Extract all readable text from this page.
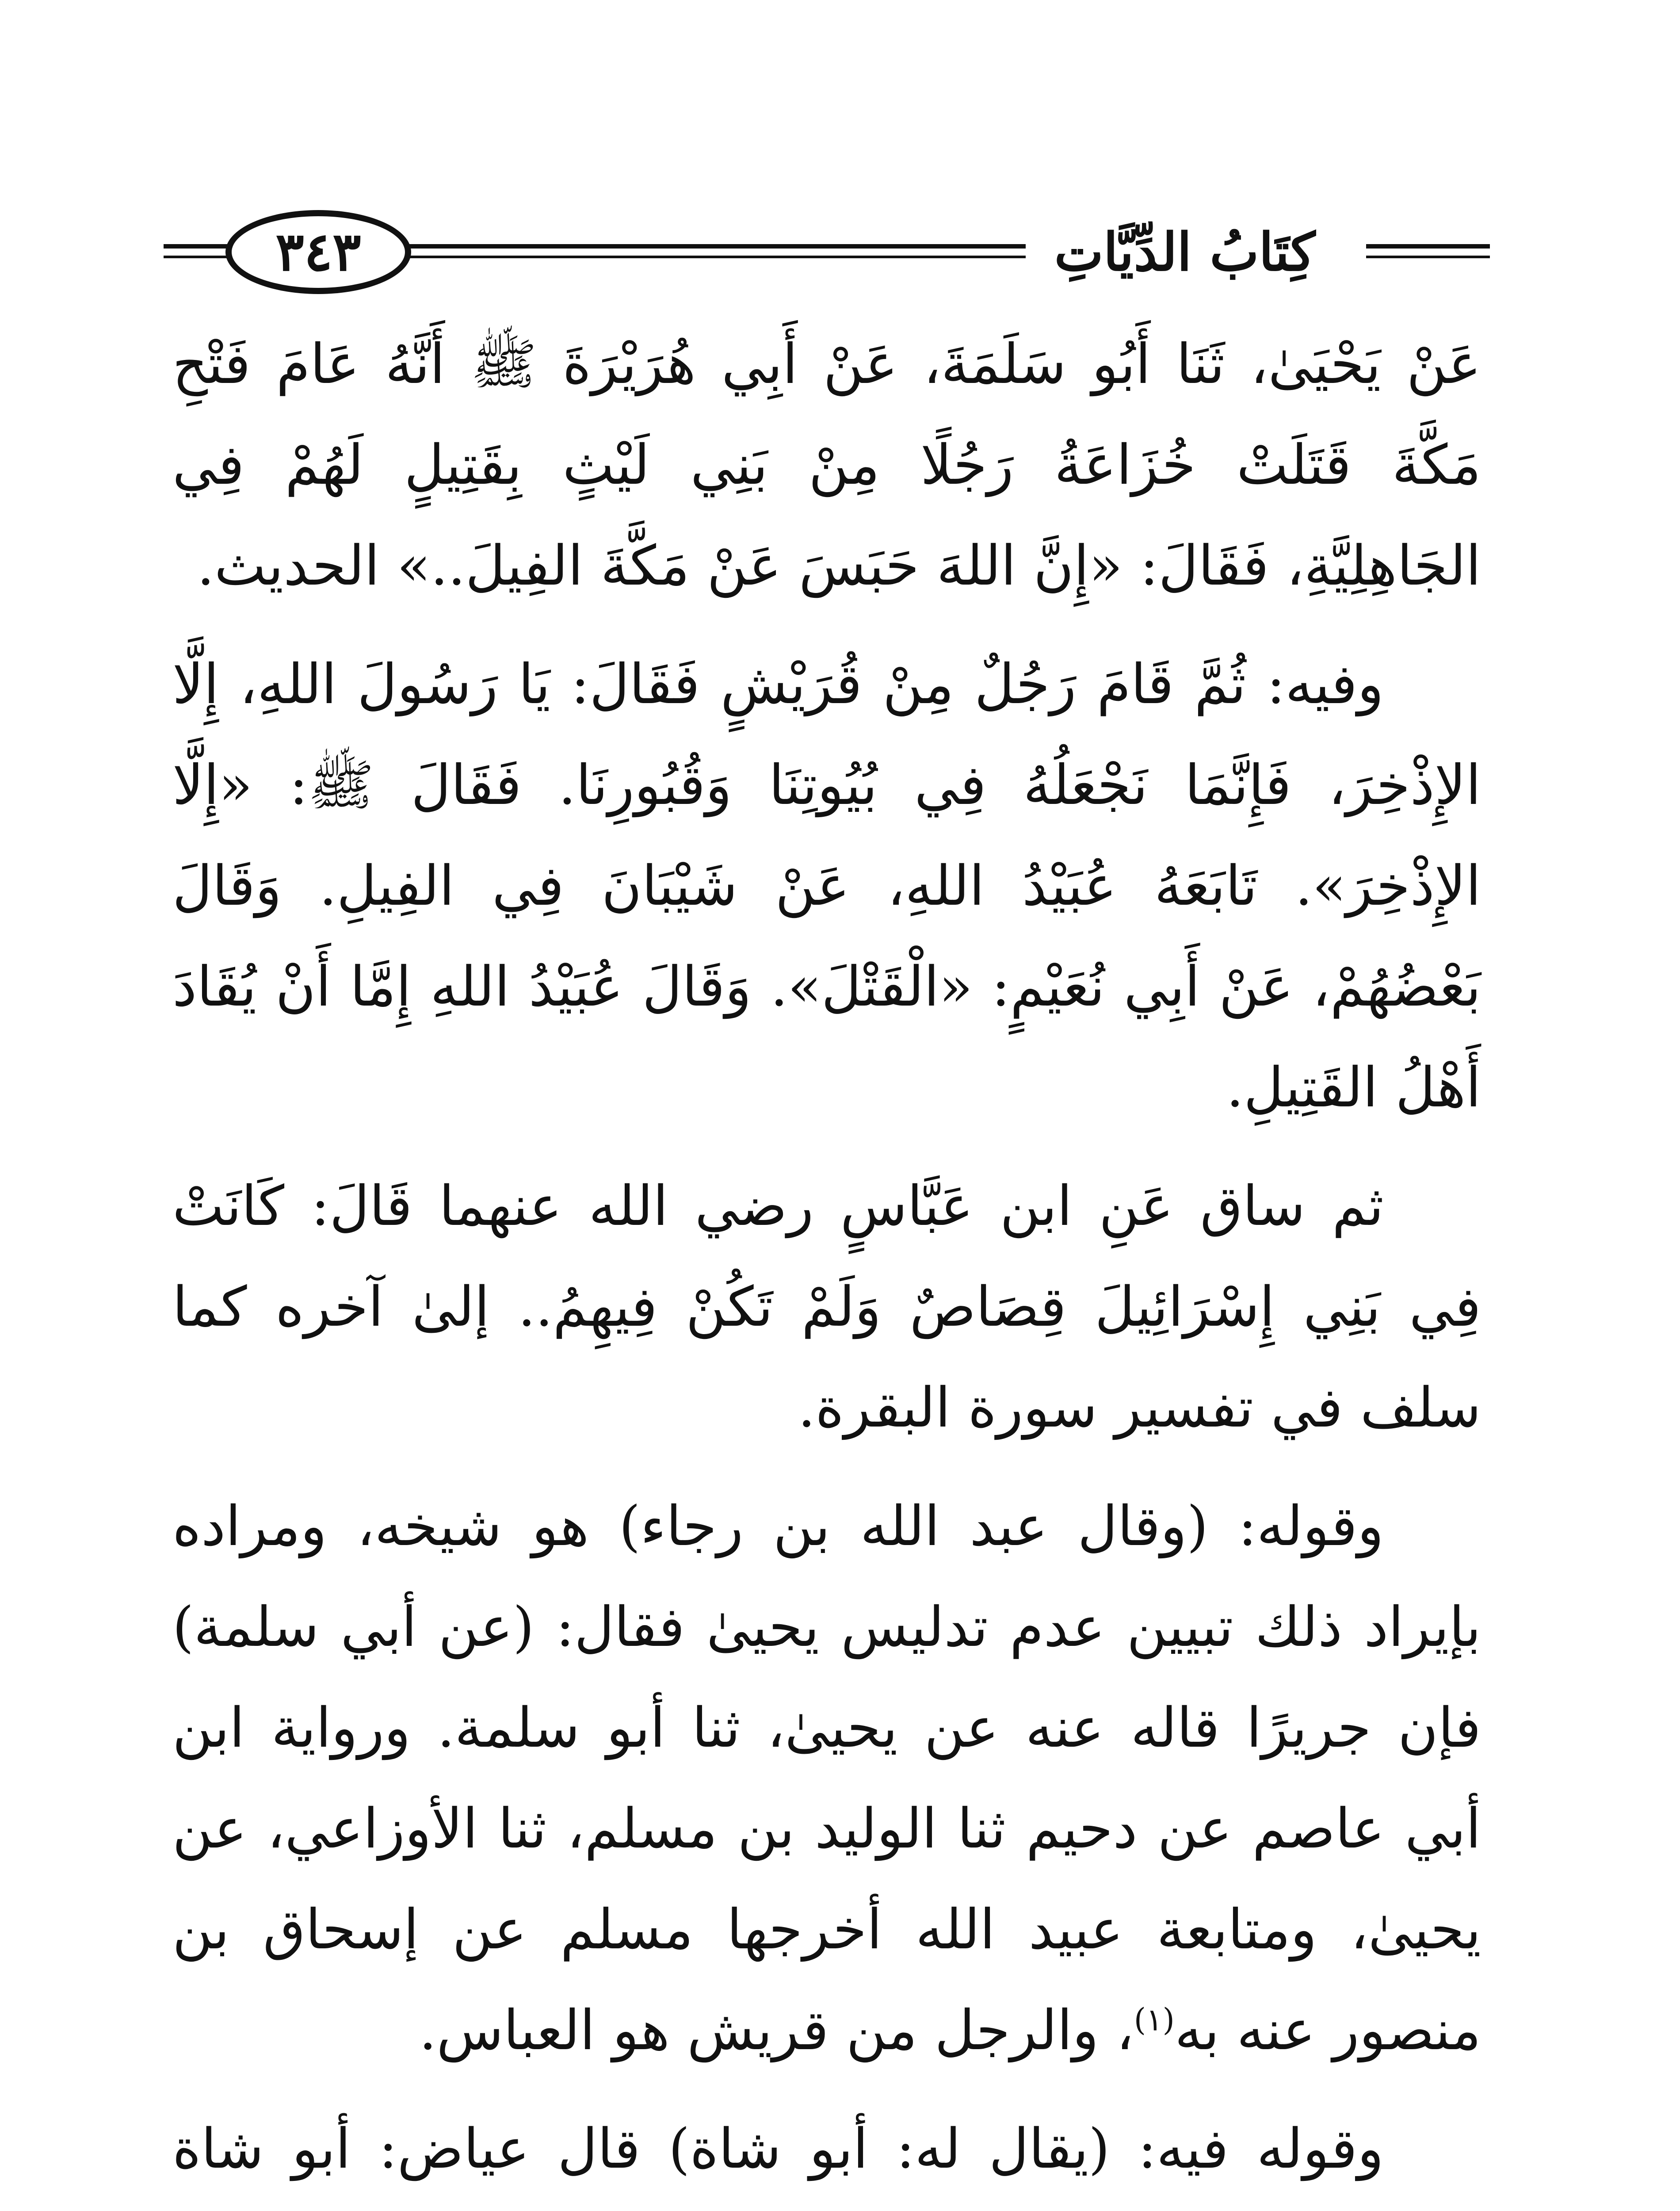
٣٤٣	كِتَابُ الدِّيَّاتِ

عَنْ يَحْيَىٰ، ثَنَا أَبُو سَلَمَةَ، عَنْ أَبِي هُرَيْرَةَ ﷺ أَنَّهُ عَامَ فَتْحِ مَكَّةَ قَتَلَتْ خُزَاعَةُ رَجُلًا مِنْ بَنِي لَيْثٍ بِقَتِيلٍ لَهُمْ فِي الجَاهِلِيَّةِ، فَقَالَ: «إِنَّ اللهَ حَبَسَ عَنْ مَكَّةَ الفِيلَ..» الحديث.

وفيه: ثُمَّ قَامَ رَجُلٌ مِنْ قُرَيْشٍ فَقَالَ: يَا رَسُولَ اللهِ، إِلَّا الإِذْخِرَ، فَإِنَّمَا نَجْعَلُهُ فِي بُيُوتِنَا وَقُبُورِنَا. فَقَالَ ﷺ: «إِلَّا الإِذْخِرَ». تَابَعَهُ عُبَيْدُ اللهِ، عَنْ شَيْبَانَ فِي الفِيلِ. وَقَالَ بَعْضُهُمْ، عَنْ أَبِي نُعَيْمٍ: «الْقَتْلَ». وَقَالَ عُبَيْدُ اللهِ إِمَّا أَنْ يُقَادَ أَهْلُ القَتِيلِ.

ثم ساق عَنِ ابن عَبَّاسٍ رضي الله عنهما قَالَ: كَانَتْ فِي بَنِي إِسْرَائِيلَ قِصَاصٌ وَلَمْ تَكُنْ فِيهِمُ.. إلىٰ آخره كما سلف في تفسير سورة البقرة.

وقوله: (وقال عبد الله بن رجاء) هو شيخه، ومراده بإيراد ذلك تبيين عدم تدليس يحيىٰ فقال: (عن أبي سلمة) فإن جريرًا قاله عنه عن يحيىٰ، ثنا أبو سلمة. ورواية ابن أبي عاصم عن دحيم ثنا الوليد بن مسلم، ثنا الأوزاعي، عن يحيىٰ، ومتابعة عبيد الله أخرجها مسلم عن إسحاق بن منصور عنه به$^{(١)}$، والرجل من قريش هو العباس.

وقوله فيه: (يقال له: أبو شاة) قال عياض: أبو شاة
